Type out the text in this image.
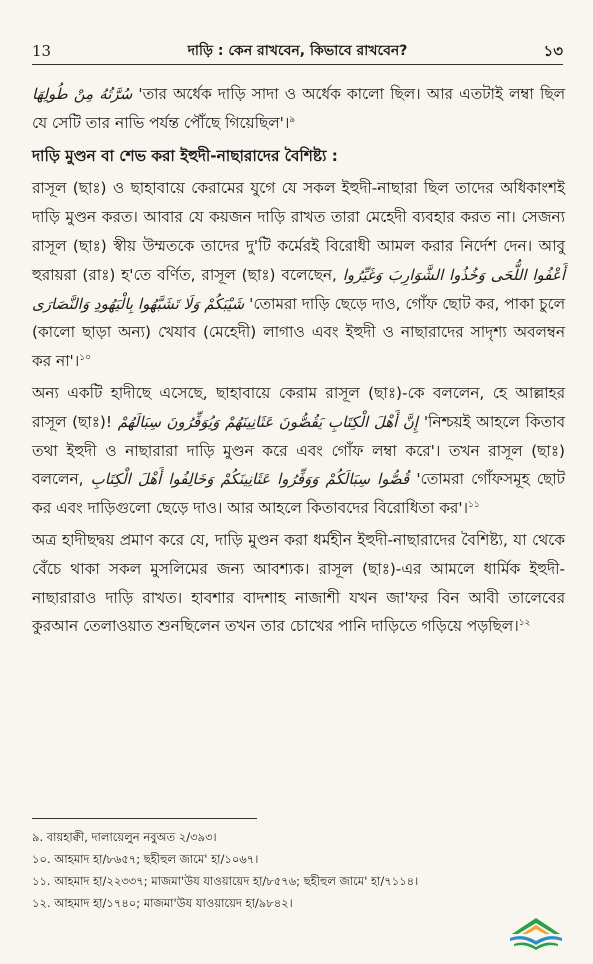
13	দাড়ি : কেন রাখবেন, কিভাবে রাখবেন?	১৩

سُرَّتُهُ مِنْ طُولِهَا 'তার অর্ধেক দাড়ি সাদা ও অর্ধেক কালো ছিল। আর এতটাই লম্বা ছিল যে সেটি তার নাভি পর্যন্ত পৌঁছে গিয়েছিল'।$^৯$

দাড়ি মুণ্ডন বা শেভ করা ইহুদী-নাছারাদের বৈশিষ্ট্য :

রাসূল (ছাঃ) ও ছাহাবায়ে কেরামের যুগে যে সকল ইহুদী-নাছারা ছিল তাদের অধিকাংশই দাড়ি মুণ্ডন করত। আবার যে কয়জন দাড়ি রাখত তারা মেহেদী ব্যবহার করত না। সেজন্য রাসূল (ছাঃ) স্বীয় উম্মতকে তাদের দু'টি কর্মেরই বিরোধী আমল করার নির্দেশ দেন। আবু হুরায়রা (রাঃ) হ'তে বর্ণিত, রাসূল (ছাঃ) বলেছেন, أَعْفُوا اللُّحَى وَخُذُوا الشَّوَارِبَ وَغَيِّرُوا شَيْبَكُمْ وَلَا تَشَبَّهُوا بِالْيَهُودِ وَالنَّصَارَى 'তোমরা দাড়ি ছেড়ে দাও, গোঁফ ছোট কর, পাকা চুলে (কালো ছাড়া অন্য) খেযাব (মেহেদী) লাগাও এবং ইহুদী ও নাছারাদের সাদৃশ্য অবলম্বন কর না'।$^{১০}$

অন্য একটি হাদীছে এসেছে, ছাহাবায়ে কেরাম রাসূল (ছাঃ)-কে বললেন, হে আল্লাহর রাসূল (ছাঃ)! إِنَّ أَهْلَ الْكِتَابِ يَقُصُّونَ عَثَانِينَهُمْ وَيُوَفِّرُونَ سِبَالَهُمْ 'নিশ্চয়ই আহলে কিতাব তথা ইহুদী ও নাছারারা দাড়ি মুণ্ডন করে এবং গোঁফ লম্বা করে'। তখন রাসূল (ছাঃ) বললেন, قُصُّوا سِبَالَكُمْ وَوَفِّرُوا عَثَانِينَكُمْ وَخَالِفُوا أَهْلَ الْكِتَابِ 'তোমরা গোঁফসমূহ ছোট কর এবং দাড়িগুলো ছেড়ে দাও। আর আহলে কিতাবদের বিরোধিতা কর'।$^{১১}$

অত্র হাদীছদ্বয় প্রমাণ করে যে, দাড়ি মুণ্ডন করা ধর্মহীন ইহুদী-নাছারাদের বৈশিষ্ট্য, যা থেকে বেঁচে থাকা সকল মুসলিমের জন্য আবশ্যক। রাসূল (ছাঃ)-এর আমলে ধার্মিক ইহুদী-নাছারারাও দাড়ি রাখত। হাবশার বাদশাহ নাজাশী যখন জা'ফর বিন আবী তালেবের কুরআন তেলাওয়াত শুনছিলেন তখন তার চোখের পানি দাড়িতে গড়িয়ে পড়ছিল।$^{১২}$

৯. বায়হাক্বী, দালায়েলুন নবুঅত ২/৩৯৩।
১০. আহমাদ হা/৮৬৫৭; ছহীহুল জামে' হা/১০৬৭।
১১. আহমাদ হা/২২৩৩৭; মাজমা'উয যাওয়ায়েদ হা/৮৫৭৬; ছহীহুল জামে' হা/৭১১৪।
১২. আহমাদ হা/১৭৪০; মাজমা'উয যাওয়ায়েদ হা/৯৮৪২।
